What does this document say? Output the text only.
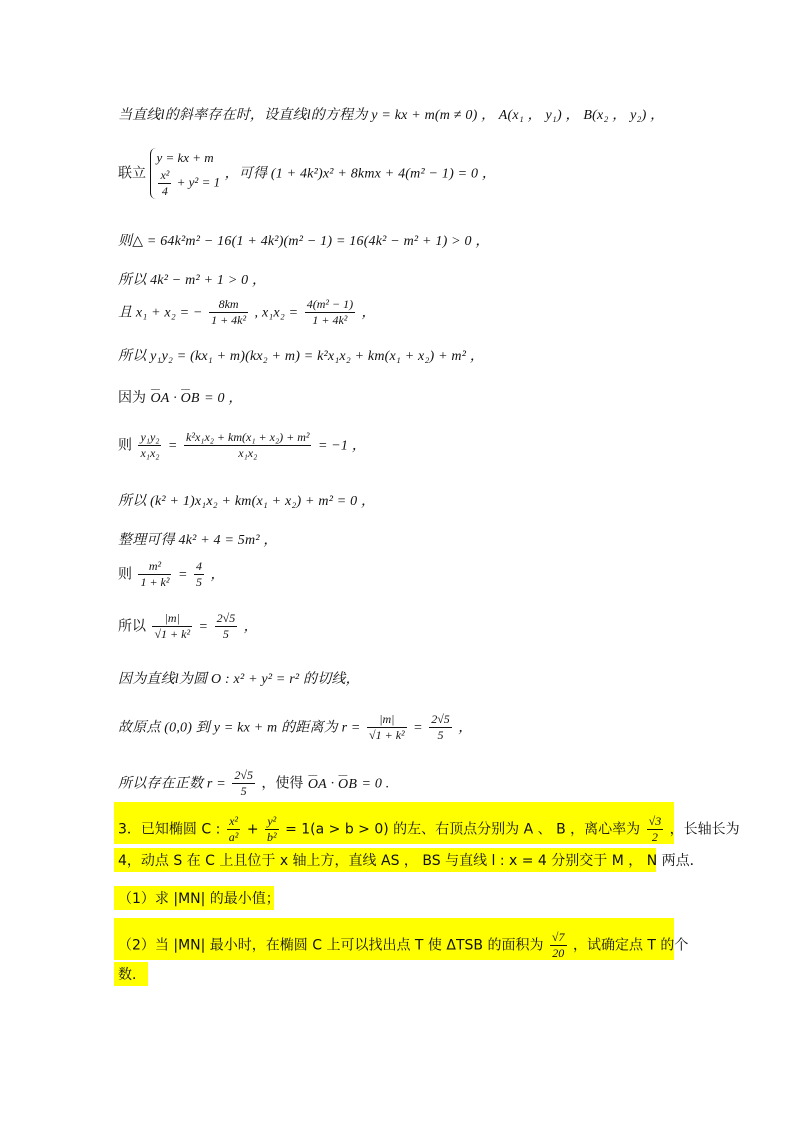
当直线l的斜率存在时，设直线l的方程为 y = kx + m(m ≠ 0) ， A(x₁ ， y₁) ， B(x₂ ， y₂) ，
联立
y = kx + m
$\frac{\text{x²}}{4} + y^2 = 1$
，可得 (1 + 4k²)x² + 8kmx + 4(m² − 1) = 0 ，
则△ = 64k²m² − 16(1 + 4k²)(m² − 1) = 16(4k² − m² + 1) > 0 ，
所以 4k² − m² + 1 > 0 ，
且 x₁ + x₂ = − $\frac{8km}{\text{1 + 4k²}}$ , $x_1x_2 = \frac{\text{4(m² − 1)}}{\text{1 + 4k²}}$ ，
所以 y₁y₂ = (kx₁ + m)(kx₂ + m) = k²x₁x₂ + km(x₁ + x₂) + m² ，
因为 ⌣⌣⌣ OA · ⌣⌣⌣ OB = 0 ，
则 $\frac{\text{y₁y₂}}{\text{x₁x₂}} = \frac{\text{k²x₁x₂ + km(x₁ + x₂) + m²}}{\text{x₁x₂}} = -1$ ，
所以 (k² + 1)x₁x₂ + km(x₁ + x₂) + m² = 0 ，
整理可得 4k² + 4 = 5m² ，
则 $\frac{\text{m²}}{\text{1 + k²}} = \frac{4}{5}$ ，
所以 $\frac{|m|}{\text{√1 + k²}} = \frac{2√5}{5}$ ，
因为直线l为圆 O : x² + y² = r² 的切线，
故原点 (0,0) 到 y = kx + m 的距离为 $r = \frac{|m|}{\text{√1 + k²}} = \frac{2√5}{5}$ ，
所以存在正数 $r = \frac{2√5}{5}$ ，使得 ⌣⌣⌣ OA · ⌣⌣⌣ OB = 0 .
3．已知椭圆 C : $\frac{\text{x²}}{\text{a²}} + \frac{\text{y²}}{\text{b²}} = 1(a > b > 0)$ 的左、右顶点分别为 A 、 B ，离心率为 $\frac{√3}{2}$ ，长轴长为
4，动点 S 在 C 上且位于 x 轴上方，直线 AS ， BS 与直线 l : x = 4 分别交于 M ， N 两点．
（1）求 |MN| 的最小值；
（2）当 |MN| 最小时，在椭圆 C 上可以找出点 T 使 ΔTSB 的面积为 $\frac{√7}{20}$ ，试确定点 T 的个
数．
